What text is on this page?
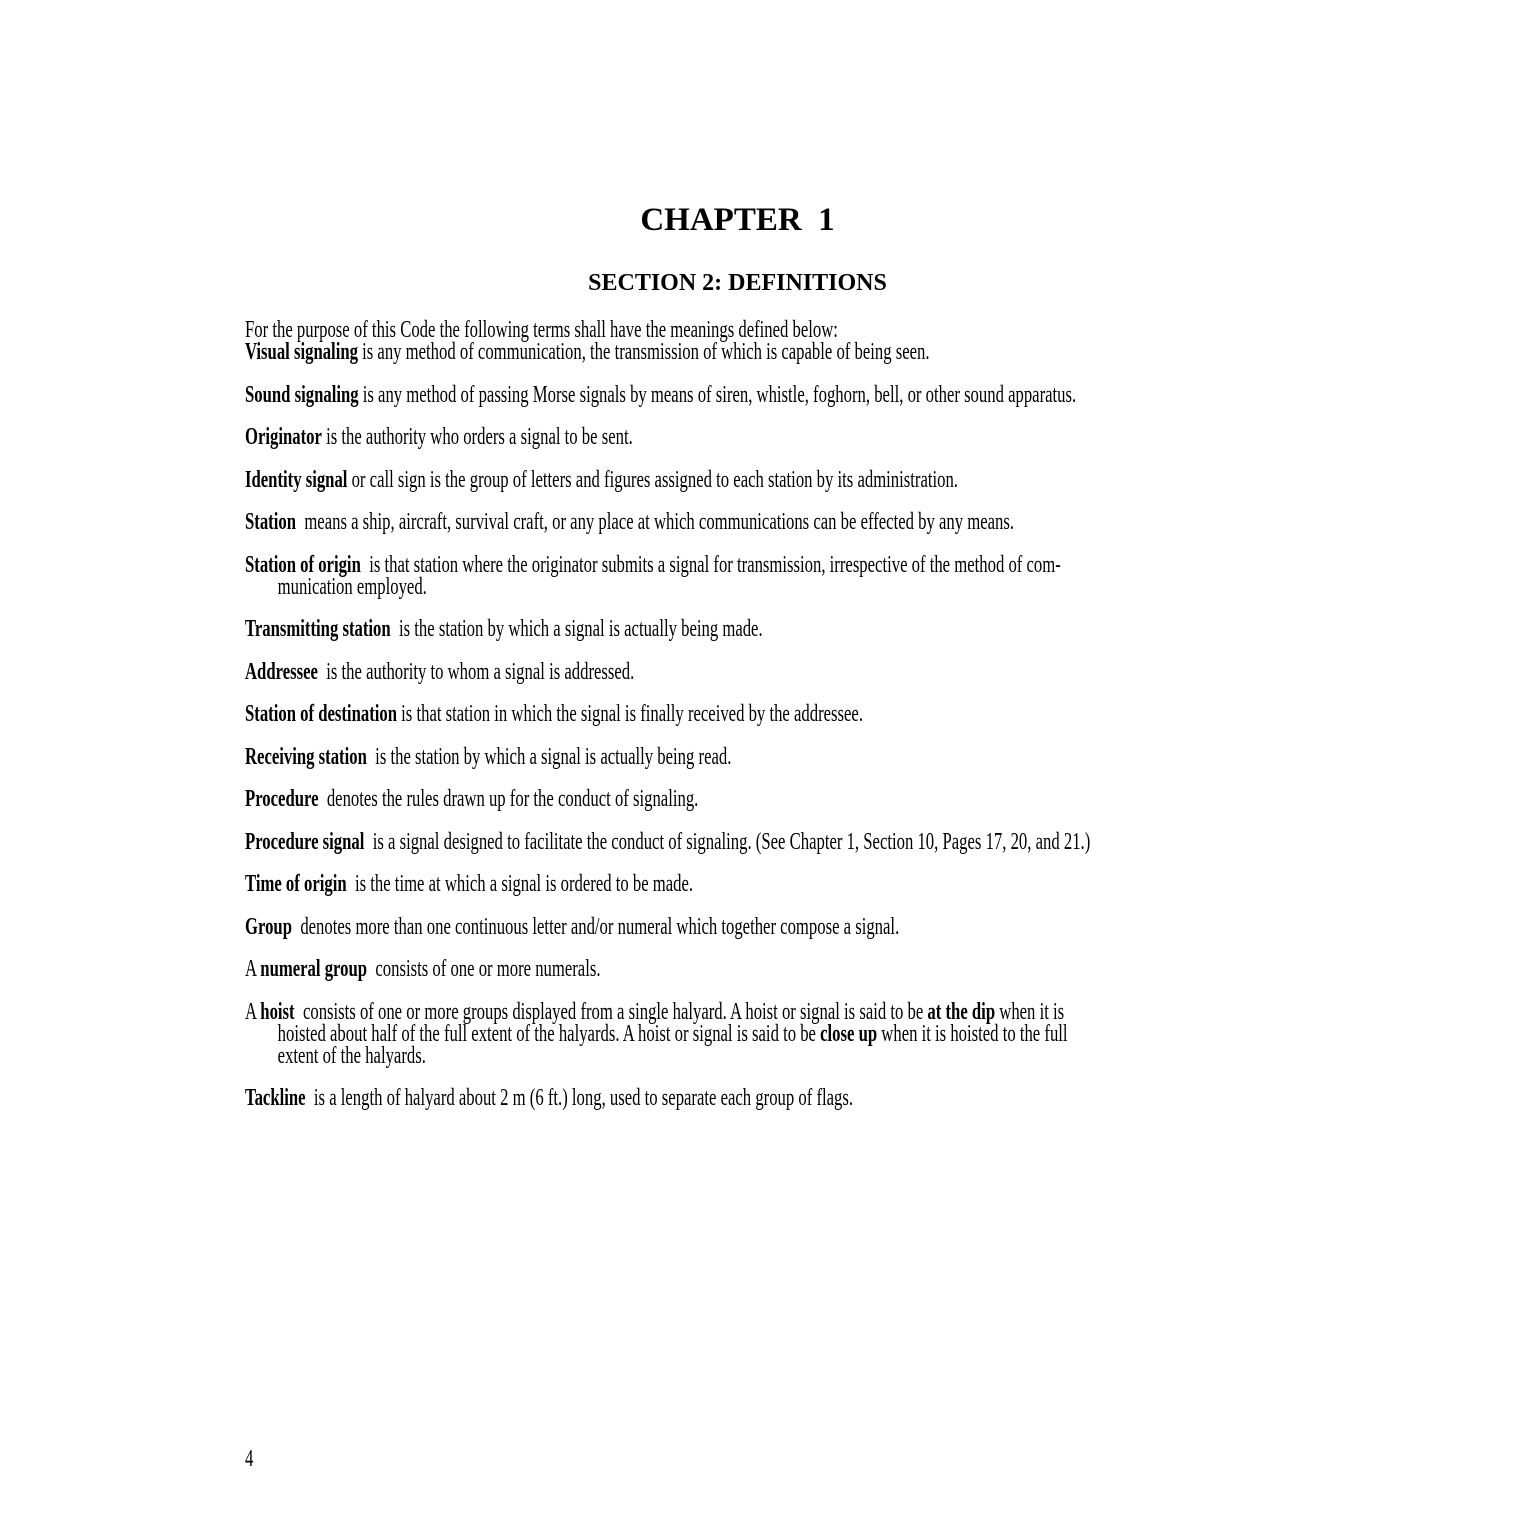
CHAPTER  1
SECTION 2: DEFINITIONS
For the purpose of this Code the following terms shall have the meanings defined below:
Visual signaling is any method of communication, the transmission of which is capable of being seen.
Sound signaling is any method of passing Morse signals by means of siren, whistle, foghorn, bell, or other sound apparatus.
Originator is the authority who orders a signal to be sent.
Identity signal or call sign is the group of letters and figures assigned to each station by its administration.
Station  means a ship, aircraft, survival craft, or any place at which communications can be effected by any means.
Station of origin  is that station where the originator submits a signal for transmission, irrespective of the method of com-
munication employed.
Transmitting station  is the station by which a signal is actually being made.
Addressee  is the authority to whom a signal is addressed.
Station of destination is that station in which the signal is finally received by the addressee.
Receiving station  is the station by which a signal is actually being read.
Procedure  denotes the rules drawn up for the conduct of signaling.
Procedure signal  is a signal designed to facilitate the conduct of signaling. (See Chapter 1, Section 10, Pages 17, 20, and 21.)
Time of origin  is the time at which a signal is ordered to be made.
Group  denotes more than one continuous letter and/or numeral which together compose a signal.
A numeral group  consists of one or more numerals.
A hoist  consists of one or more groups displayed from a single halyard. A hoist or signal is said to be at the dip when it is
hoisted about half of the full extent of the halyards. A hoist or signal is said to be close up when it is hoisted to the full
extent of the halyards.
Tackline  is a length of halyard about 2 m (6 ft.) long, used to separate each group of flags.
4
